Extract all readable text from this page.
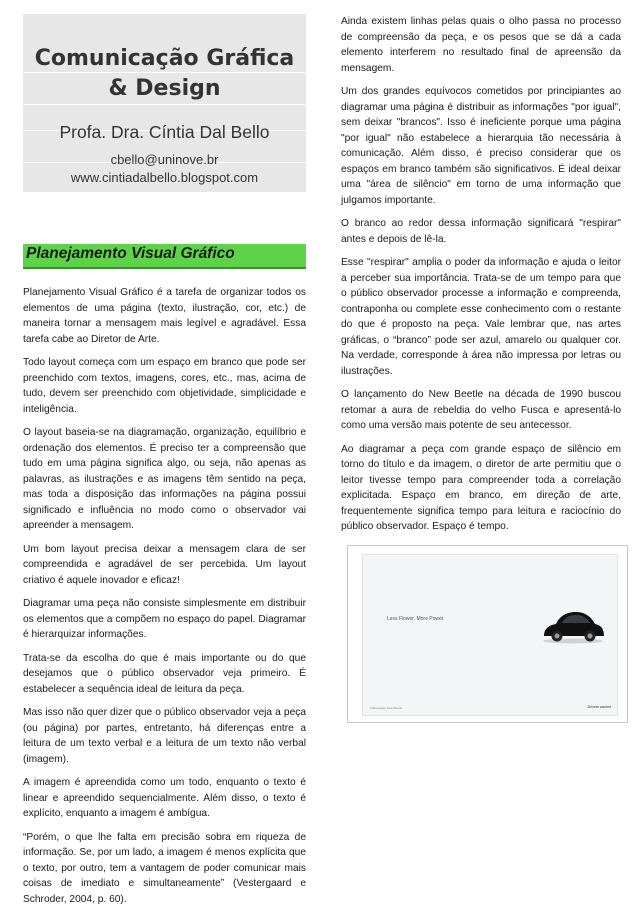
Comunicação Gráfica
& Design
Profa. Dra. Cíntia Dal Bello
cbello@uninove.br
www.cintiadalbello.blogspot.com
Planejamento Visual Gráfico

Planejamento Visual Gráfico é a tarefa de organizar todos os elementos de uma página (texto, ilustração, cor, etc.) de maneira tornar a mensagem mais legível e agradável. Essa tarefa cabe ao Diretor de Arte.

Todo layout começa com um espaço em branco que pode ser preenchido com textos, imagens, cores, etc., mas, acima de tudo, devem ser preenchido com objetividade, simplicidade e inteligência.

O layout baseia-se na diagramação, organização, equilíbrio e ordenação dos elementos. É preciso ter a compreensão que tudo em uma página significa algo, ou seja, não apenas as palavras, as ilustrações e as imagens têm sentido na peça, mas toda a disposição das informações na página possui significado e influência no modo como o observador vai apreender a mensagem.

Um bom layout precisa deixar a mensagem clara de ser compreendida e agradável de ser percebida. Um layout criativo é aquele inovador e eficaz!

Diagramar uma peça não consiste simplesmente em distribuir os elementos que a compõem no espaço do papel. Diagramar é hierarquizar informações.

Trata-se da escolha do que é mais importante ou do que desejamos que o público observador veja primeiro. É estabelecer a sequência ideal de leitura da peça.

Mas isso não quer dizer que o público observador veja a peça (ou página) por partes, entretanto, há diferenças entre a leitura de um texto verbal e a leitura de um texto não verbal (imagem).

A imagem é apreendida como um todo, enquanto o texto é linear e apreendido sequencialmente. Além disso, o texto é explícito, enquanto a imagem é ambígua.

“Porém, o que lhe falta em precisão sobra em riqueza de informação. Se, por um lado, a imagem é menos explícita que o texto, por outro, tem a vantagem de poder comunicar mais coisas de imediato e simultaneamente” (Vestergaard e Schroder, 2004, p. 60).

Ainda existem linhas pelas quais o olho passa no processo de compreensão da peça, e os pesos que se dá a cada elemento interferem no resultado final de apreensão da mensagem.

Um dos grandes equívocos cometidos por principiantes ao diagramar uma página é distribuir as informações "por igual", sem deixar "brancos". Isso é ineficiente porque uma página "por igual" não estabelece a hierarquia tão necessária à comunicação. Além disso, é preciso considerar que os espaços em branco também são significativos. É ideal deixar uma "área de silêncio" em torno de uma informação que julgamos importante.

O branco ao redor dessa informação significará "respirar" antes e depois de lê-la.

Esse "respirar" amplia o poder da informação e ajuda o leitor a perceber sua importância. Trata-se de um tempo para que o público observador processe a informação e compreenda, contraponha ou complete esse conhecimento com o restante do que é proposto na peça. Vale lembrar que, nas artes gráficas, o “branco” pode ser azul, amarelo ou qualquer cor. Na verdade, corresponde à área não impressa por letras ou ilustrações.

O lançamento do New Beetle na década de 1990 buscou retomar a aura de rebeldia do velho Fusca e apresentá-lo como uma versão mais potente de seu antecessor.

Ao diagramar a peça com grande espaço de silêncio em torno do título e da imagem, o diretor de arte permitiu que o leitor tivesse tempo para compreender toda a correlação explicitada. Espaço em branco, em direção de arte, frequentemente significa tempo para leitura e raciocínio do público observador. Espaço é tempo.

Less Flower. More Power.
Volkswagen New Beetle	Drivers wanted
